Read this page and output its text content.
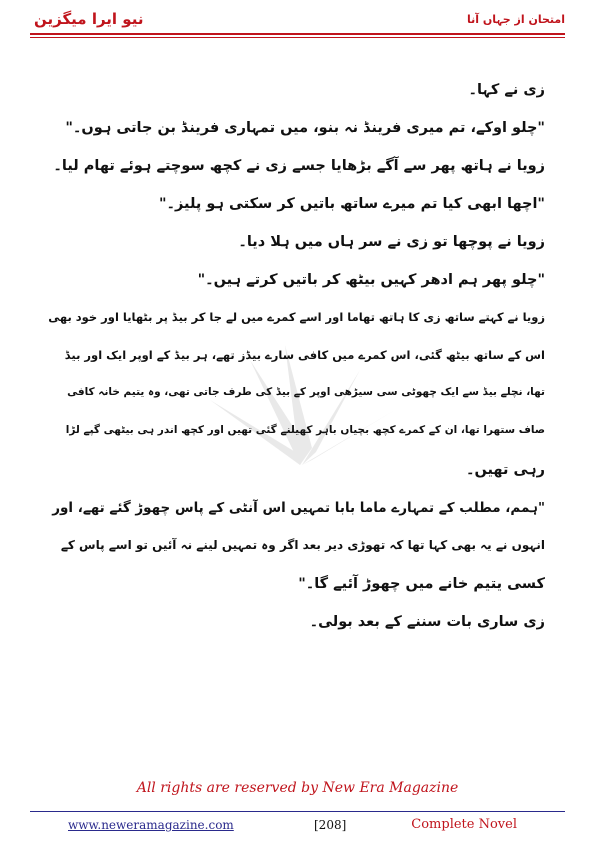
نیو ایرا میگزین	امتحان از جہاں آنا
زی نے کہا۔
"چلو اوکے، تم میری فرینڈ نہ بنو، میں تمہاری فرینڈ بن جاتی ہوں۔"
زویا نے ہاتھ پھر سے آگے بڑھایا جسے زی نے کچھ سوچتے ہوئے تھام لیا۔
"اچھا ابھی کیا تم میرے ساتھ باتیں کر سکتی ہو پلیز۔"
زویا نے پوچھا تو زی نے سر ہاں میں ہلا دیا۔
"چلو پھر ہم ادھر کہیں بیٹھ کر باتیں کرتے ہیں۔"
زویا نے کہتے ساتھ زی کا ہاتھ تھاما اور اسے کمرے میں لے جا کر بیڈ پر بٹھایا اور خود بھی
اس کے ساتھ بیٹھ گئی، اس کمرے میں کافی سارے بیڈز تھے، ہر بیڈ کے اوپر ایک اور بیڈ
تھا، نچلے بیڈ سے ایک چھوٹی سی سیڑھی اوپر کے بیڈ کی طرف جاتی تھی، وہ یتیم خانہ کافی
صاف ستھرا تھا، ان کے کمرے کچھ بچیاں باہر کھیلنے گئی تھیں اور کچھ اندر ہی بیٹھی گپے لڑا
رہی تھیں۔
"ہمم، مطلب کے تمہارے ماما بابا تمہیں اس آنٹی کے پاس چھوڑ گئے تھے، اور
انہوں نے یہ بھی کہا تھا کہ تھوڑی دیر بعد اگر وہ تمہیں لینے نہ آئیں تو اسے پاس کے
کسی یتیم خانے میں چھوڑ آئیے گا۔"
زی ساری بات سننے کے بعد بولی۔
All rights are reserved by New Era Magazine
www.neweramagazine.com	[208]	Complete Novel
